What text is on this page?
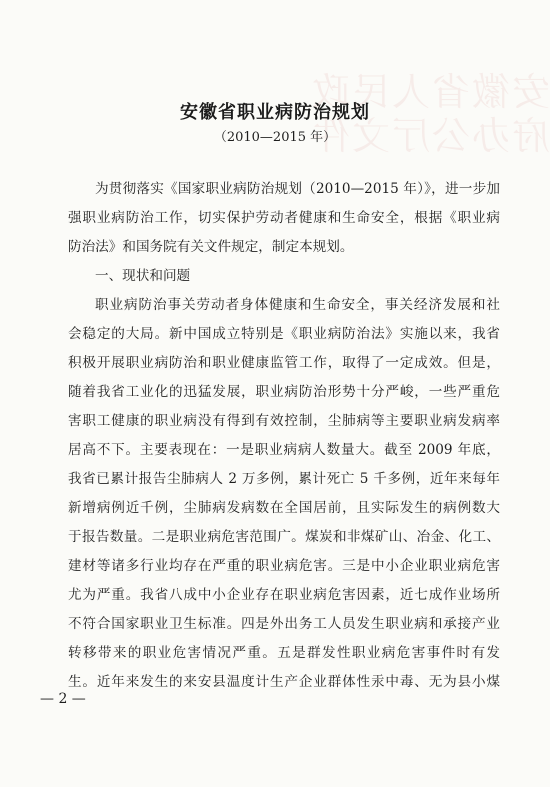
安徽省人民政
府办公厅文件
安徽省职业病防治规划
（2010—2015 年）
为贯彻落实《国家职业病防治规划（2010—2015 年）》，进一步加
强职业病防治工作，切实保护劳动者健康和生命安全，根据《职业病
防治法》和国务院有关文件规定，制定本规划。
一、现状和问题
职业病防治事关劳动者身体健康和生命安全，事关经济发展和社
会稳定的大局。新中国成立特别是《职业病防治法》实施以来，我省
积极开展职业病防治和职业健康监管工作，取得了一定成效。但是，
随着我省工业化的迅猛发展，职业病防治形势十分严峻，一些严重危
害职工健康的职业病没有得到有效控制，尘肺病等主要职业病发病率
居高不下。主要表现在：一是职业病病人数量大。截至 2009 年底，
我省已累计报告尘肺病人 2 万多例，累计死亡 5 千多例，近年来每年
新增病例近千例，尘肺病发病数在全国居前，且实际发生的病例数大
于报告数量。二是职业病危害范围广。煤炭和非煤矿山、冶金、化工、
建材等诸多行业均存在严重的职业病危害。三是中小企业职业病危害
尤为严重。我省八成中小企业存在职业病危害因素，近七成作业场所
不符合国家职业卫生标准。四是外出务工人员发生职业病和承接产业
转移带来的职业危害情况严重。五是群发性职业病危害事件时有发
生。近年来发生的来安县温度计生产企业群体性汞中毒、无为县小煤
— 2 —
